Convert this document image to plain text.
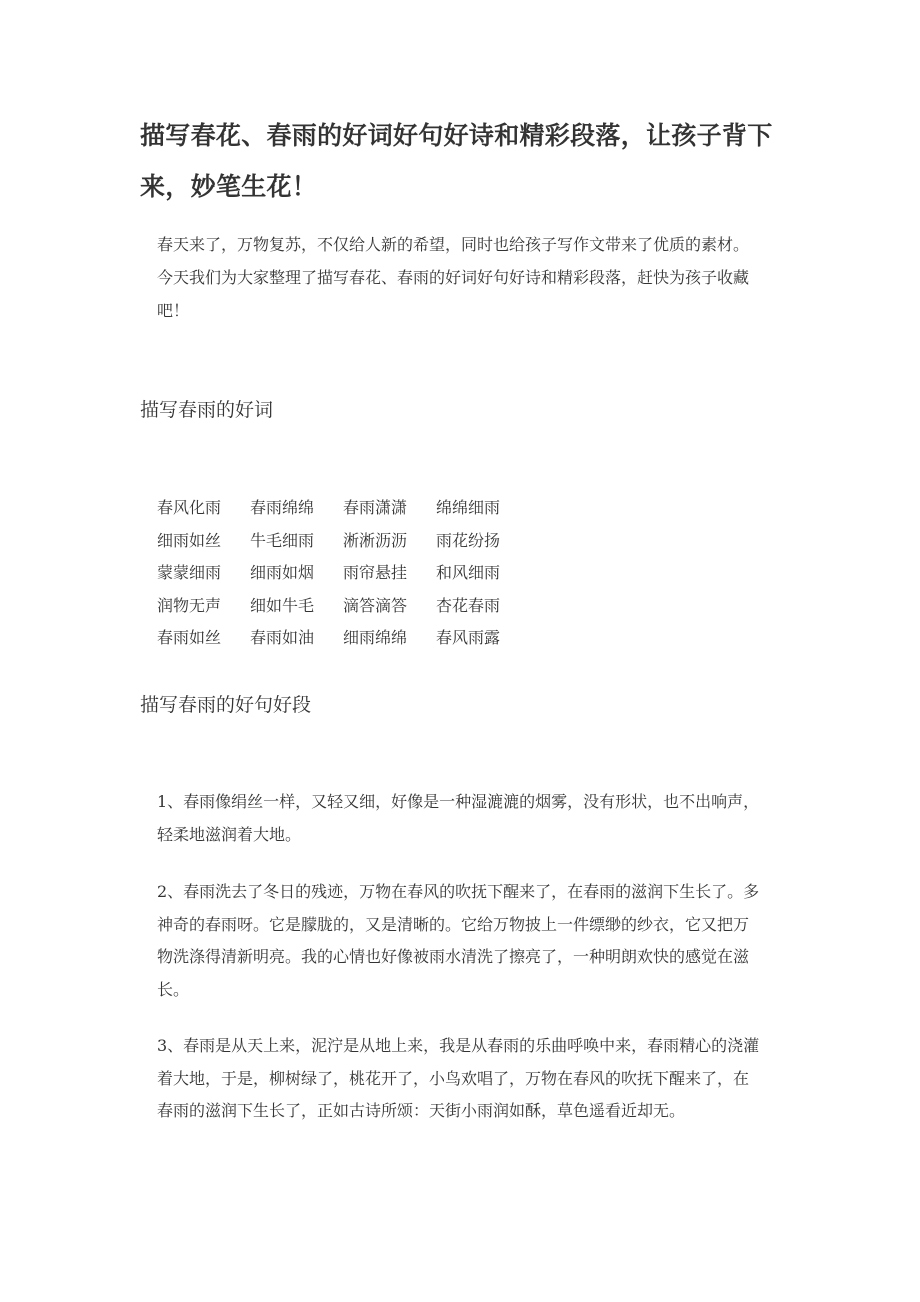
描写春花、春雨的好词好句好诗和精彩段落，让孩子背下来，妙笔生花！

春天来了，万物复苏，不仅给人新的希望，同时也给孩子写作文带来了优质的素材。今天我们为大家整理了描写春花、春雨的好词好句好诗和精彩段落，赶快为孩子收藏吧！

描写春雨的好词
春风化雨	春雨绵绵	春雨潇潇	绵绵细雨
细雨如丝	牛毛细雨	淅淅沥沥	雨花纷扬
蒙蒙细雨	细雨如烟	雨帘悬挂	和风细雨
润物无声	细如牛毛	滴答滴答	杏花春雨
春雨如丝	春雨如油	细雨绵绵	春风雨露
描写春雨的好句好段

1、春雨像绢丝一样，又轻又细，好像是一种湿漉漉的烟雾，没有形状，也不出响声，轻柔地滋润着大地。

2、春雨洗去了冬日的残迹，万物在春风的吹抚下醒来了，在春雨的滋润下生长了。多神奇的春雨呀。它是朦胧的，又是清晰的。它给万物披上一件缥缈的纱衣，它又把万物洗涤得清新明亮。我的心情也好像被雨水清洗了擦亮了，一种明朗欢快的感觉在滋长。

3、春雨是从天上来，泥泞是从地上来，我是从春雨的乐曲呼唤中来，春雨精心的浇灌着大地，于是，柳树绿了，桃花开了，小鸟欢唱了，万物在春风的吹抚下醒来了，在春雨的滋润下生长了，正如古诗所颂：天街小雨润如酥，草色遥看近却无。
